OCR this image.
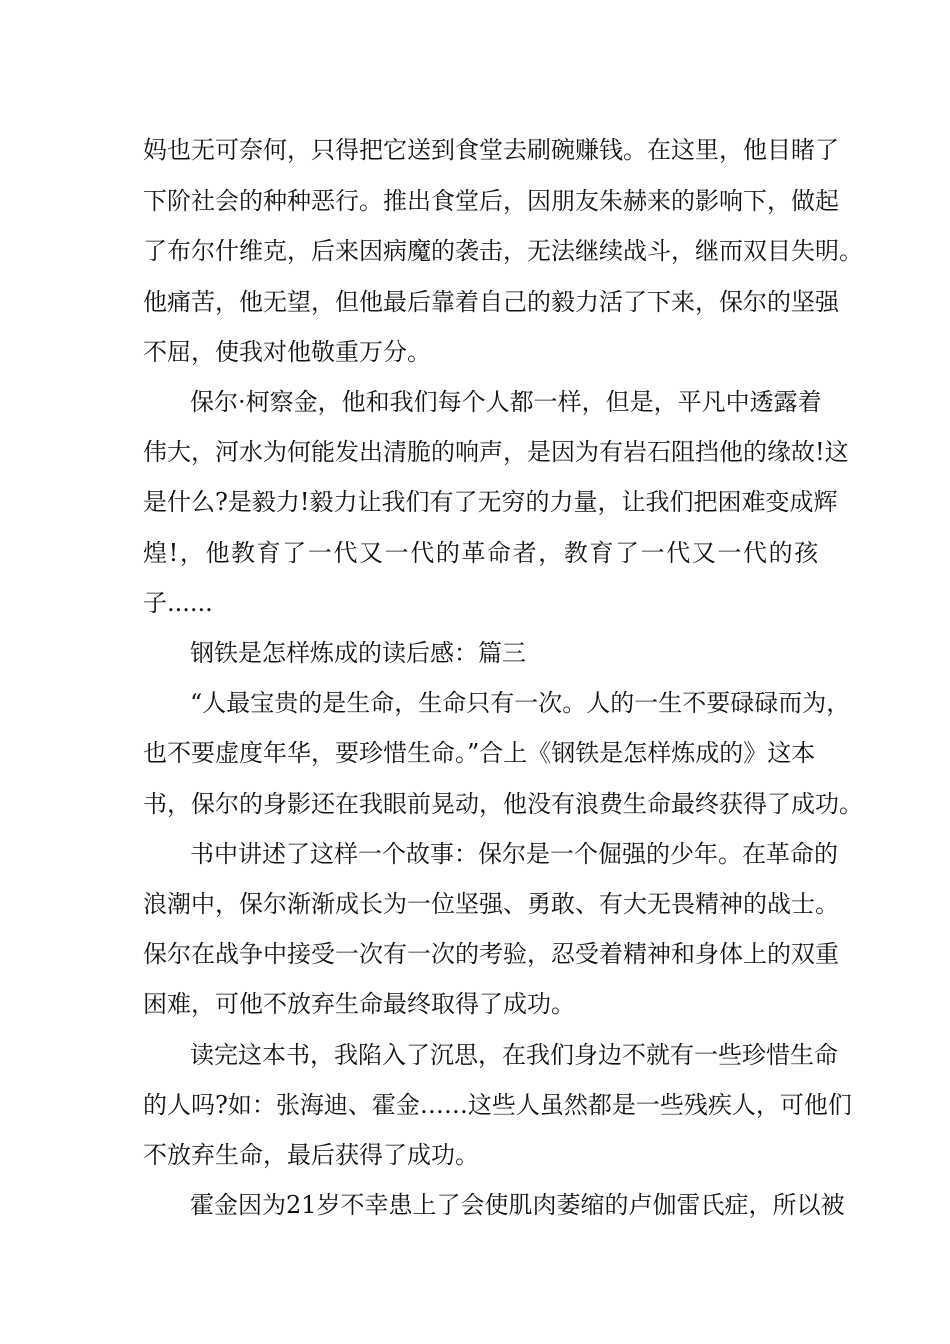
妈也无可奈何，只得把它送到食堂去刷碗赚钱。在这里，他目睹了
下阶社会的种种恶行。推出食堂后，因朋友朱赫来的影响下，做起
了布尔什维克，后来因病魔的袭击，无法继续战斗，继而双目失明。
他痛苦，他无望，但他最后靠着自己的毅力活了下来，保尔的坚强
不屈，使我对他敬重万分。
保尔·柯察金，他和我们每个人都一样，但是，平凡中透露着
伟大，河水为何能发出清脆的响声，是因为有岩石阻挡他的缘故!这
是什么?是毅力!毅力让我们有了无穷的力量，让我们把困难变成辉
煌!，他教育了一代又一代的革命者，教育了一代又一代的孩
子......
钢铁是怎样炼成的读后感：篇三
“人最宝贵的是生命，生命只有一次。人的一生不要碌碌而为，
也不要虚度年华，要珍惜生命。”合上《钢铁是怎样炼成的》这本
书，保尔的身影还在我眼前晃动，他没有浪费生命最终获得了成功。
书中讲述了这样一个故事：保尔是一个倔强的少年。在革命的
浪潮中，保尔渐渐成长为一位坚强、勇敢、有大无畏精神的战士。
保尔在战争中接受一次有一次的考验，忍受着精神和身体上的双重
困难，可他不放弃生命最终取得了成功。
读完这本书，我陷入了沉思，在我们身边不就有一些珍惜生命
的人吗?如：张海迪、霍金……这些人虽然都是一些残疾人，可他们
不放弃生命，最后获得了成功。
霍金因为21岁不幸患上了会使肌肉萎缩的卢伽雷氏症，所以被
